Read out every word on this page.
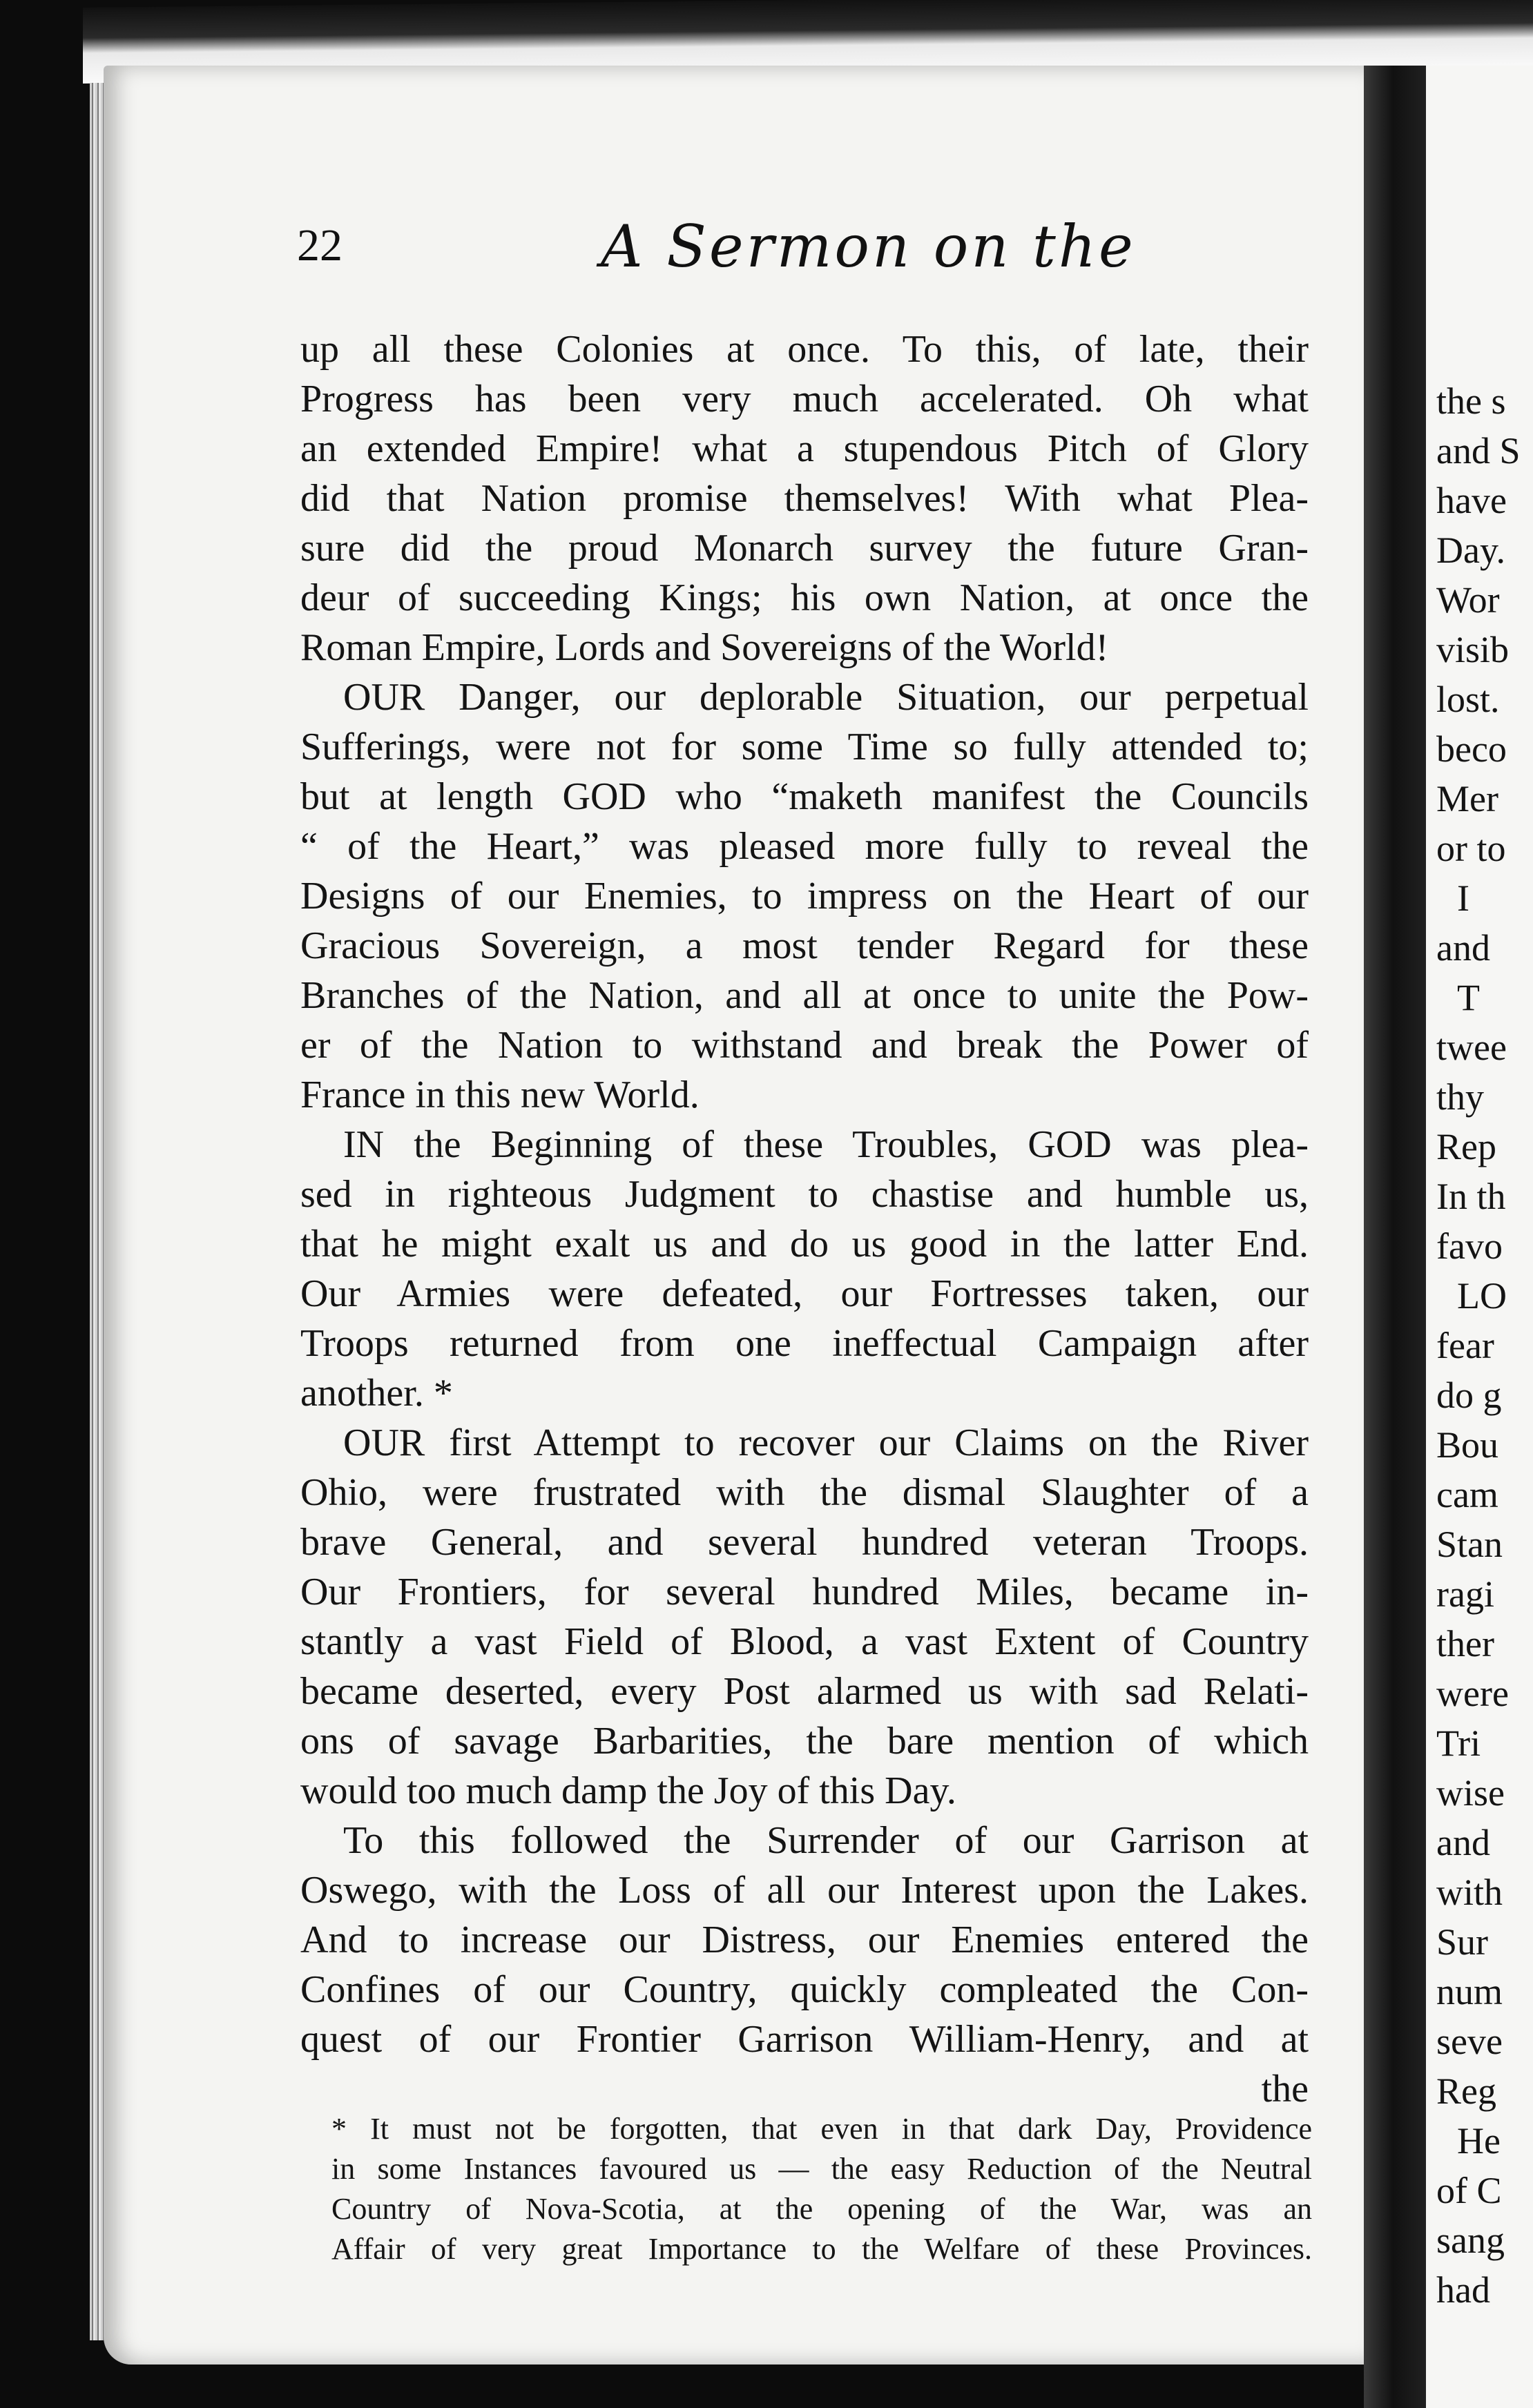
22	A Sermon on the
up all these Colonies at once. To this, of late, their
Progress has been very much accelerated. Oh what
an extended Empire! what a stupendous Pitch of Glory
did that Nation promise themselves! With what Plea-
sure did the proud Monarch survey the future Gran-
deur of succeeding Kings; his own Nation, at once the
Roman Empire, Lords and Sovereigns of the World!
OUR Danger, our deplorable Situation, our perpetual
Sufferings, were not for some Time so fully attended to;
but at length GOD who “maketh manifest the Councils
“ of the Heart,” was pleased more fully to reveal the
Designs of our Enemies, to impress on the Heart of our
Gracious Sovereign, a most tender Regard for these
Branches of the Nation, and all at once to unite the Pow-
er of the Nation to withstand and break the Power of
France in this new World.
IN the Beginning of these Troubles, GOD was plea-
sed in righteous Judgment to chastise and humble us,
that he might exalt us and do us good in the latter End.
Our Armies were defeated, our Fortresses taken, our
Troops returned from one ineffectual Campaign after
another. *
OUR first Attempt to recover our Claims on the River
Ohio, were frustrated with the dismal Slaughter of a
brave General, and several hundred veteran Troops.
Our Frontiers, for several hundred Miles, became in-
stantly a vast Field of Blood, a vast Extent of Country
became deserted, every Post alarmed us with sad Relati-
ons of savage Barbarities, the bare mention of which
would too much damp the Joy of this Day.
To this followed the Surrender of our Garrison at
Oswego, with the Loss of all our Interest upon the Lakes.
And to increase our Distress, our Enemies entered the
Confines of our Country, quickly compleated the Con-
quest of our Frontier Garrison William-Henry, and at
the
* It must not be forgotten, that even in that dark Day, Providence
in some Instances favoured us — the easy Reduction of the Neutral
Country of Nova-Scotia, at the opening of the War, was an
Affair of very great Importance to the Welfare of these Provinces.
the s
and S
have
Day.
Wor
visib
lost.
beco
Mer
or to
I
and
T
twee
thy
Rep
In th
favo
LO
fear
do g
Bou
cam
Stan
ragi
ther
were
Tri
wise
and
with
Sur
num
seve
Reg
He
of C
sang
had
